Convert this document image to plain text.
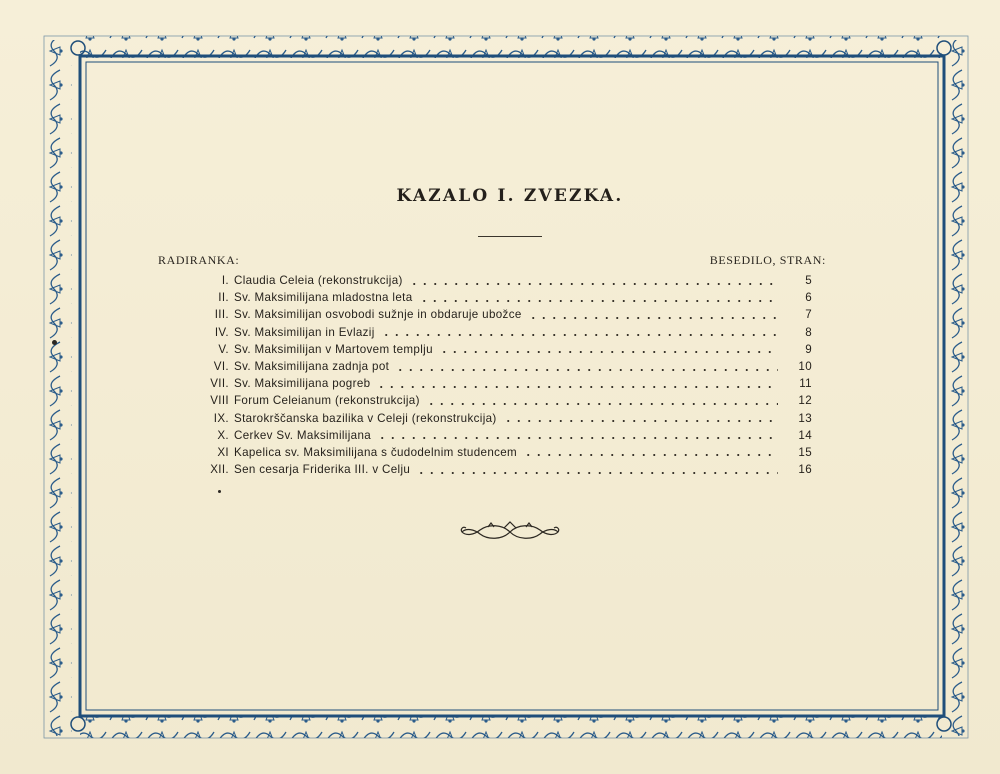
KAZALO I. ZVEZKA.
RADIRANKA:	BESEDILO, STRAN:
I. Claudia Celeia (rekonstrukcija)	5
II. Sv. Maksimilijana mladostna leta	6
III. Sv. Maksimilijan osvobodi sužnje in obdaruje ubožce	7
IV. Sv. Maksimilijan in Evlazij	8
V. Sv. Maksimilijan v Martovem templju	9
VI. Sv. Maksimilijana zadnja pot	10
VII. Sv. Maksimilijana pogreb	11
VIII Forum Celeianum (rekonstrukcija)	12
IX. Starokrščanska bazilika v Celeji (rekonstrukcija)	13
X. Cerkev Sv. Maksimilijana	14
XI Kapelica sv. Maksimilijana s čudodelnim studencem	15
XII. Sen cesarja Friderika III. v Celju	16
